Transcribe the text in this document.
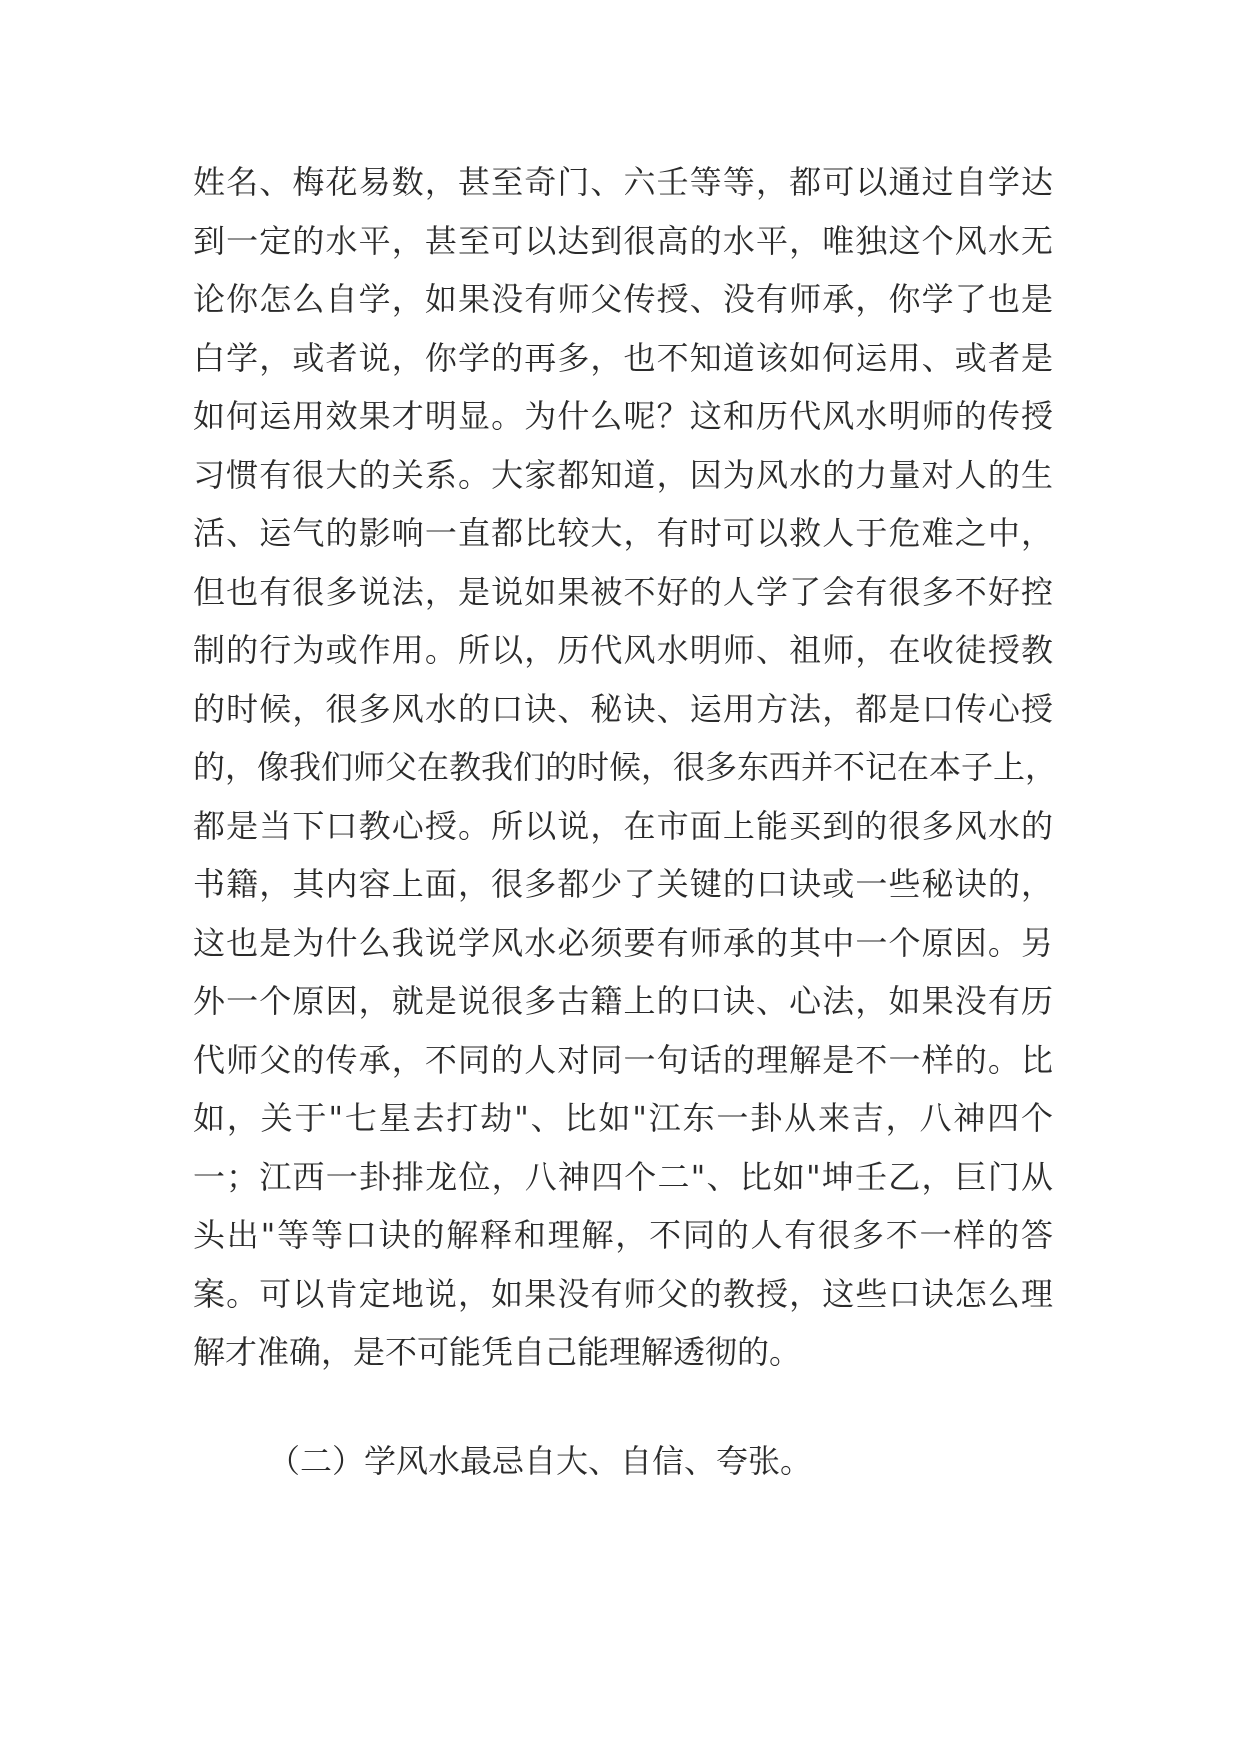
姓名、梅花易数，甚至奇门、六壬等等，都可以通过自学达
到一定的水平，甚至可以达到很高的水平，唯独这个风水无
论你怎么自学，如果没有师父传授、没有师承，你学了也是
白学，或者说，你学的再多，也不知道该如何运用、或者是
如何运用效果才明显。为什么呢？这和历代风水明师的传授
习惯有很大的关系。大家都知道，因为风水的力量对人的生
活、运气的影响一直都比较大，有时可以救人于危难之中，
但也有很多说法，是说如果被不好的人学了会有很多不好控
制的行为或作用。所以，历代风水明师、祖师，在收徒授教
的时候，很多风水的口诀、秘诀、运用方法，都是口传心授
的，像我们师父在教我们的时候，很多东西并不记在本子上，
都是当下口教心授。所以说，在市面上能买到的很多风水的
书籍，其内容上面，很多都少了关键的口诀或一些秘诀的，
这也是为什么我说学风水必须要有师承的其中一个原因。另
外一个原因，就是说很多古籍上的口诀、心法，如果没有历
代师父的传承，不同的人对同一句话的理解是不一样的。比
如，关于"七星去打劫"、比如"江东一卦从来吉，八神四个
一；江西一卦排龙位，八神四个二"、比如"坤壬乙，巨门从
头出"等等口诀的解释和理解，不同的人有很多不一样的答
案。可以肯定地说，如果没有师父的教授，这些口诀怎么理
解才准确，是不可能凭自己能理解透彻的。
（二）学风水最忌自大、自信、夸张。
